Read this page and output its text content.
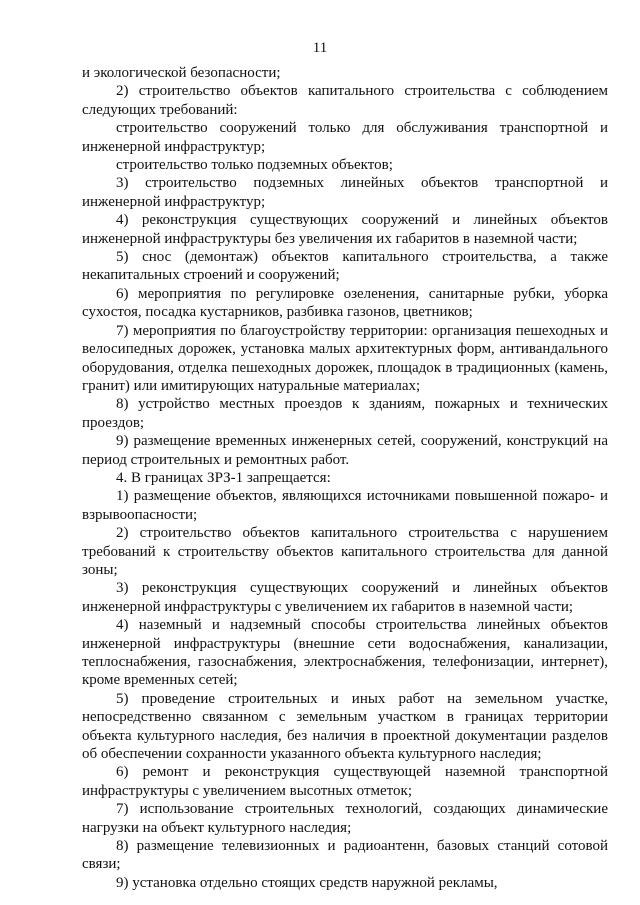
11

и экологической безопасности;

2) строительство объектов капитального строительства с соблюдением следующих требований:

строительство сооружений только для обслуживания транспортной и инженерной инфраструктур;

строительство только подземных объектов;

3) строительство подземных линейных объектов транспортной и инженерной инфраструктур;

4) реконструкция существующих сооружений и линейных объектов инженерной инфраструктуры без увеличения их габаритов в наземной части;

5) снос (демонтаж) объектов капитального строительства, а также некапитальных строений и сооружений;

6) мероприятия по регулировке озеленения, санитарные рубки, уборка сухостоя, посадка кустарников, разбивка газонов, цветников;

7) мероприятия по благоустройству территории: организация пешеходных и велосипедных дорожек, установка малых архитектурных форм, антивандального оборудования, отделка пешеходных дорожек, площадок в традиционных (камень, гранит) или имитирующих натуральные материалах;

8) устройство местных проездов к зданиям, пожарных и технических проездов;

9) размещение временных инженерных сетей, сооружений, конструкций на период строительных и ремонтных работ.

4. В границах ЗРЗ-1 запрещается:

1) размещение объектов, являющихся источниками повышенной пожаро- и взрывоопасности;

2) строительство объектов капитального строительства с нарушением требований к строительству объектов капитального строительства для данной зоны;

3) реконструкция существующих сооружений и линейных объектов инженерной инфраструктуры с увеличением их габаритов в наземной части;

4) наземный и надземный способы строительства линейных объектов инженерной инфраструктуры (внешние сети водоснабжения, канализации, теплоснабжения, газоснабжения, электроснабжения, телефонизации, интернет), кроме временных сетей;

5) проведение строительных и иных работ на земельном участке, непосредственно связанном с земельным участком в границах территории объекта культурного наследия, без наличия в проектной документации разделов об обеспечении сохранности указанного объекта культурного наследия;

6) ремонт и реконструкция существующей наземной транспортной инфраструктуры с увеличением высотных отметок;

7) использование строительных технологий, создающих динамические нагрузки на объект культурного наследия;

8) размещение телевизионных и радиоантенн, базовых станций сотовой связи;

9) установка отдельно стоящих средств наружной рекламы,
